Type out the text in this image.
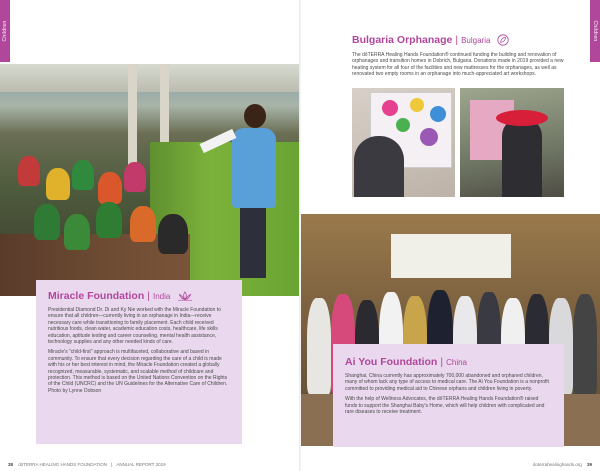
Children	Children
Bulgaria Orphanage | Bulgaria
The dōTERRA Healing Hands Foundation® continued funding the building and renovation of orphanages and transition homes in Dobrich, Bulgaria. Donations made in 2019 provided a new heating system for all four of the facilities and new mattresses for the orphanages, as well as renovated two empty rooms in an orphanage into much-appreciated art workshops.
Miracle Foundation | India
Presidential Diamond Dr. Di and Ky Nie worked with the Miracle Foundation to ensure that all children—currently living in an orphanage in India—receive necessary care while transitioning to family placement. Each child received nutritious foods, clean water, academic education costs, healthcare, life skills education, aptitude testing and career counseling, mental health assistance, technology supplies and any other needed kinds of care.
Miracle's "child-first" approach is multifaceted, collaborative and based in community. To ensure that every decision regarding the care of a child is made with his or her best interest in mind, the Miracle Foundation created a globally recognized, measurable, systematic, and scalable method of childcare and protection. This method is based on the United Nations Convention on the Rights of the Child (UNCRC) and the UN Guidelines for the Alternative Care of Children. Photo by Lynne Dobson
Ai You Foundation | China
Shanghai, China currently has approximately 700,000 abandoned and orphaned children, many of whom lack any type of access to medical care. The Ai You Foundation is a nonprofit committed to providing medical aid to Chinese orphans and children living in poverty.
With the help of Wellness Advocates, the dōTERRA Healing Hands Foundation® raised funds to support the Shanghai Baby's Home, which will help children with complicated and rare diseases to receive treatment.
38 dōTERRA HEALING HANDS FOUNDATION | ANNUAL REPORT 2019	doterrahealinghands.org 39
